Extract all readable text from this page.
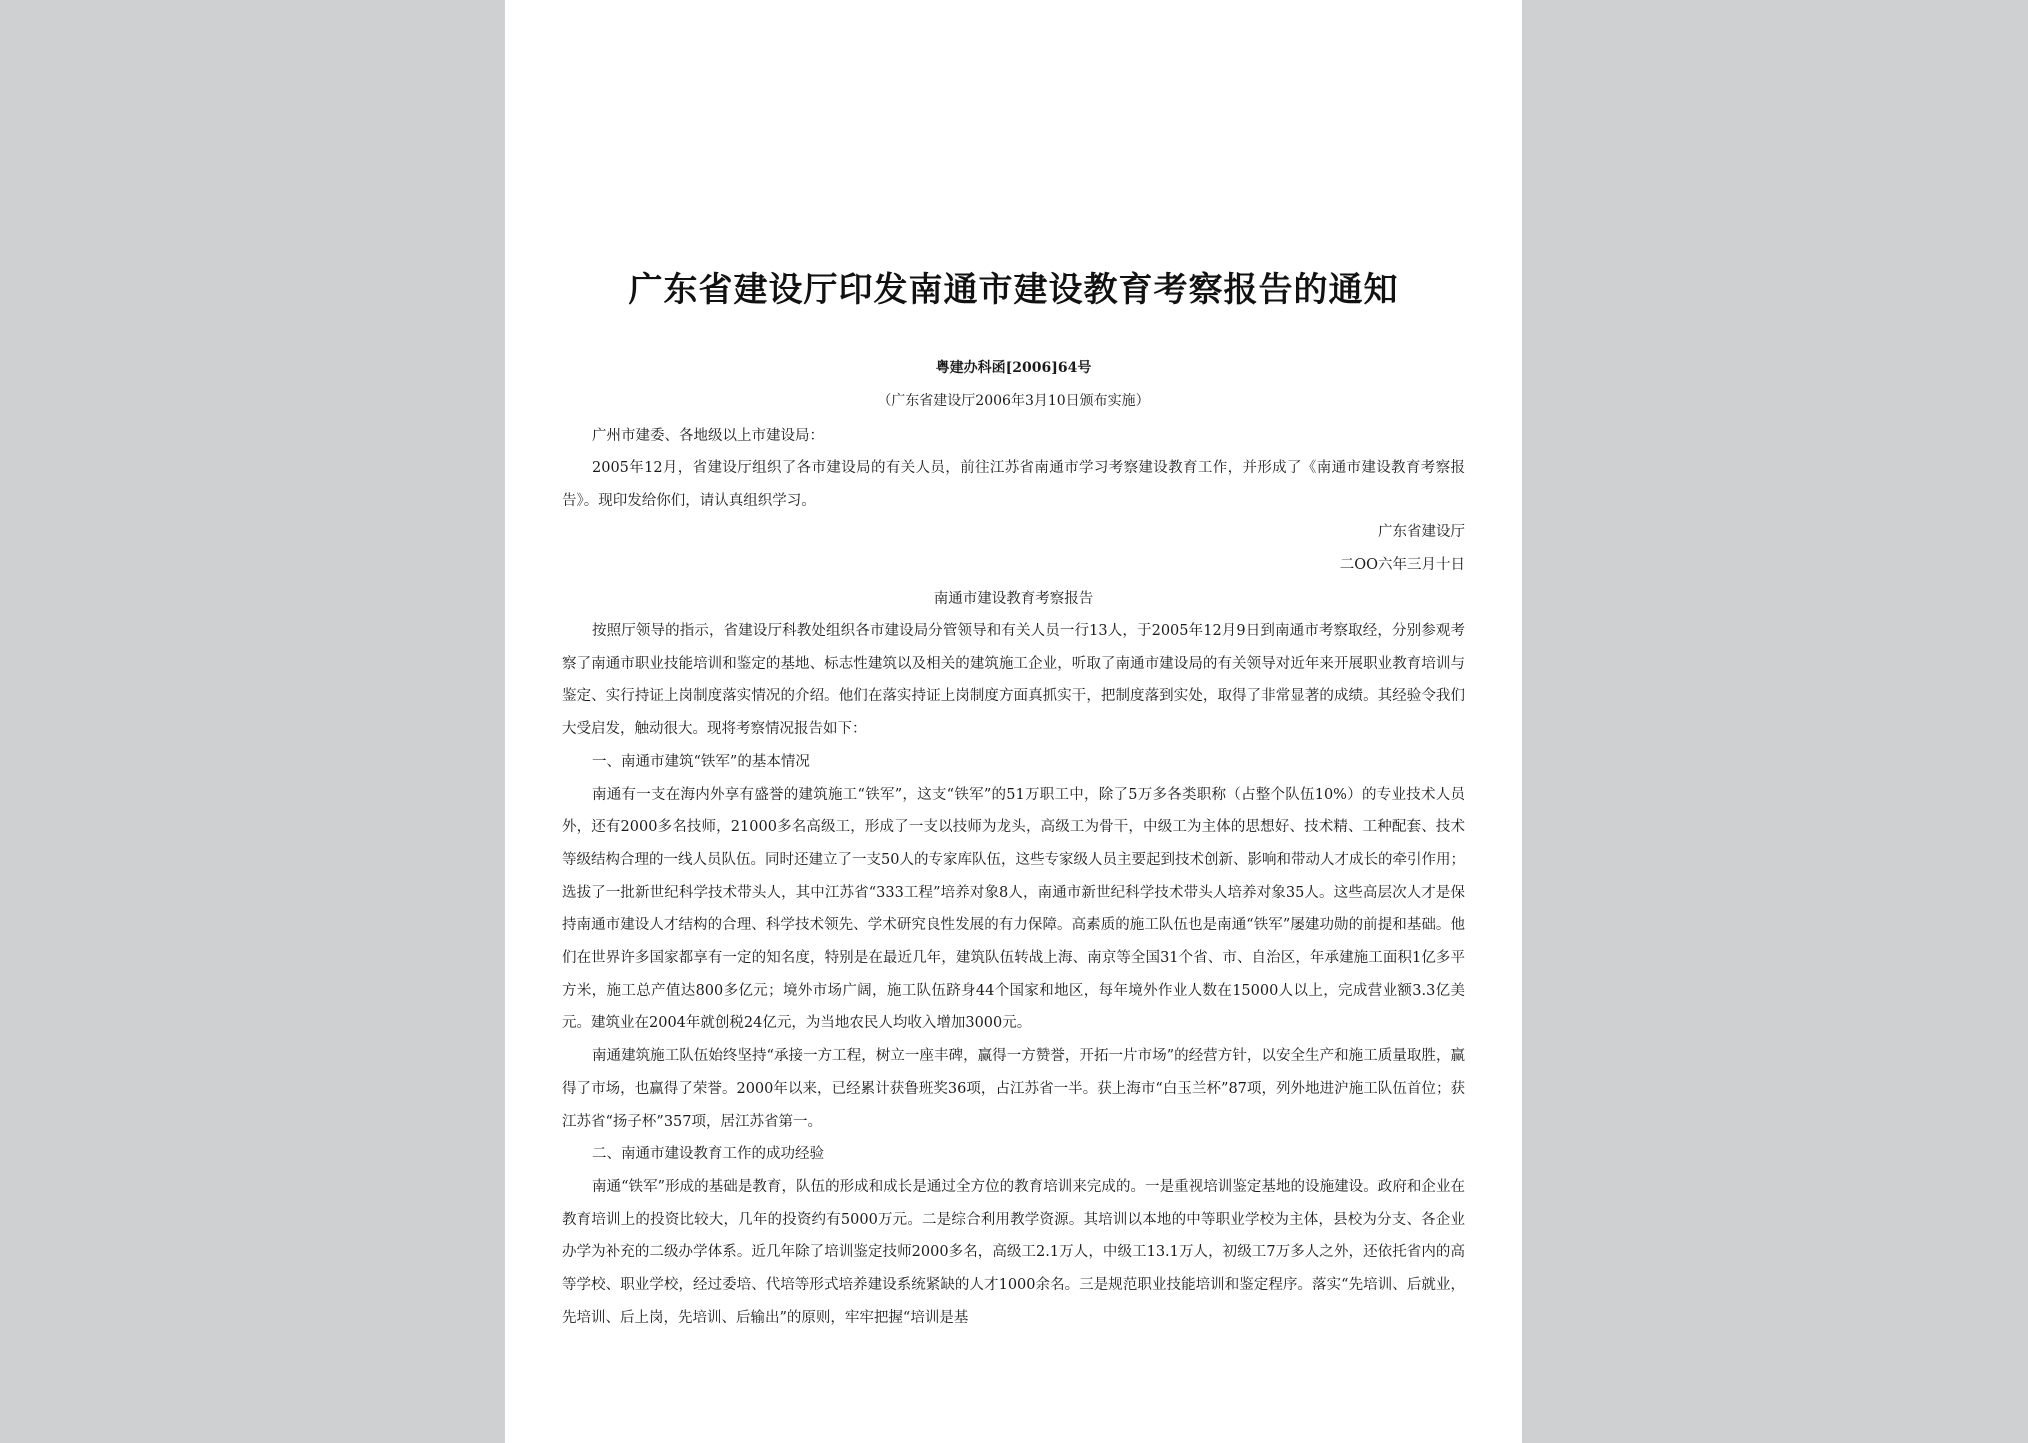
广东省建设厅印发南通市建设教育考察报告的通知
粤建办科函[2006]64号
（广东省建设厅2006年3月10日颁布实施）
广州市建委、各地级以上市建设局：

2005年12月，省建设厅组织了各市建设局的有关人员，前往江苏省南通市学习考察建设教育工作，并形成了《南通市建设教育考察报告》。现印发给你们，请认真组织学习。

广东省建设厅
二OO六年三月十日
南通市建设教育考察报告

按照厅领导的指示，省建设厅科教处组织各市建设局分管领导和有关人员一行13人，于2005年12月9日到南通市考察取经，分别参观考察了南通市职业技能培训和鉴定的基地、标志性建筑以及相关的建筑施工企业，听取了南通市建设局的有关领导对近年来开展职业教育培训与鉴定、实行持证上岗制度落实情况的介绍。他们在落实持证上岗制度方面真抓实干，把制度落到实处，取得了非常显著的成绩。其经验令我们大受启发，触动很大。现将考察情况报告如下：

一、南通市建筑“铁军”的基本情况

南通有一支在海内外享有盛誉的建筑施工“铁军”，这支“铁军”的51万职工中，除了5万多各类职称（占整个队伍10%）的专业技术人员外，还有2000多名技师，21000多名高级工，形成了一支以技师为龙头，高级工为骨干，中级工为主体的思想好、技术精、工种配套、技术等级结构合理的一线人员队伍。同时还建立了一支50人的专家库队伍，这些专家级人员主要起到技术创新、影响和带动人才成长的牵引作用；选拔了一批新世纪科学技术带头人，其中江苏省“333工程”培养对象8人，南通市新世纪科学技术带头人培养对象35人。这些高层次人才是保持南通市建设人才结构的合理、科学技术领先、学术研究良性发展的有力保障。高素质的施工队伍也是南通“铁军”屡建功勋的前提和基础。他们在世界许多国家都享有一定的知名度，特别是在最近几年，建筑队伍转战上海、南京等全国31个省、市、自治区，年承建施工面积1亿多平方米，施工总产值达800多亿元；境外市场广阔，施工队伍跻身44个国家和地区，每年境外作业人数在15000人以上，完成营业额3.3亿美元。建筑业在2004年就创税24亿元，为当地农民人均收入增加3000元。

南通建筑施工队伍始终坚持“承接一方工程，树立一座丰碑，赢得一方赞誉，开拓一片市场”的经营方针，以安全生产和施工质量取胜，赢得了市场，也赢得了荣誉。2000年以来，已经累计获鲁班奖36项，占江苏省一半。获上海市“白玉兰杯”87项，列外地进沪施工队伍首位；获江苏省“扬子杯”357项，居江苏省第一。

二、南通市建设教育工作的成功经验

南通“铁军”形成的基础是教育，队伍的形成和成长是通过全方位的教育培训来完成的。一是重视培训鉴定基地的设施建设。政府和企业在教育培训上的投资比较大，几年的投资约有5000万元。二是综合利用教学资源。其培训以本地的中等职业学校为主体，县校为分支、各企业办学为补充的二级办学体系。近几年除了培训鉴定技师2000多名，高级工2.1万人，中级工13.1万人，初级工7万多人之外，还依托省内的高等学校、职业学校，经过委培、代培等形式培养建设系统紧缺的人才1000余名。三是规范职业技能培训和鉴定程序。落实“先培训、后就业，先培训、后上岗，先培训、后输出”的原则，牢牢把握“培训是基
